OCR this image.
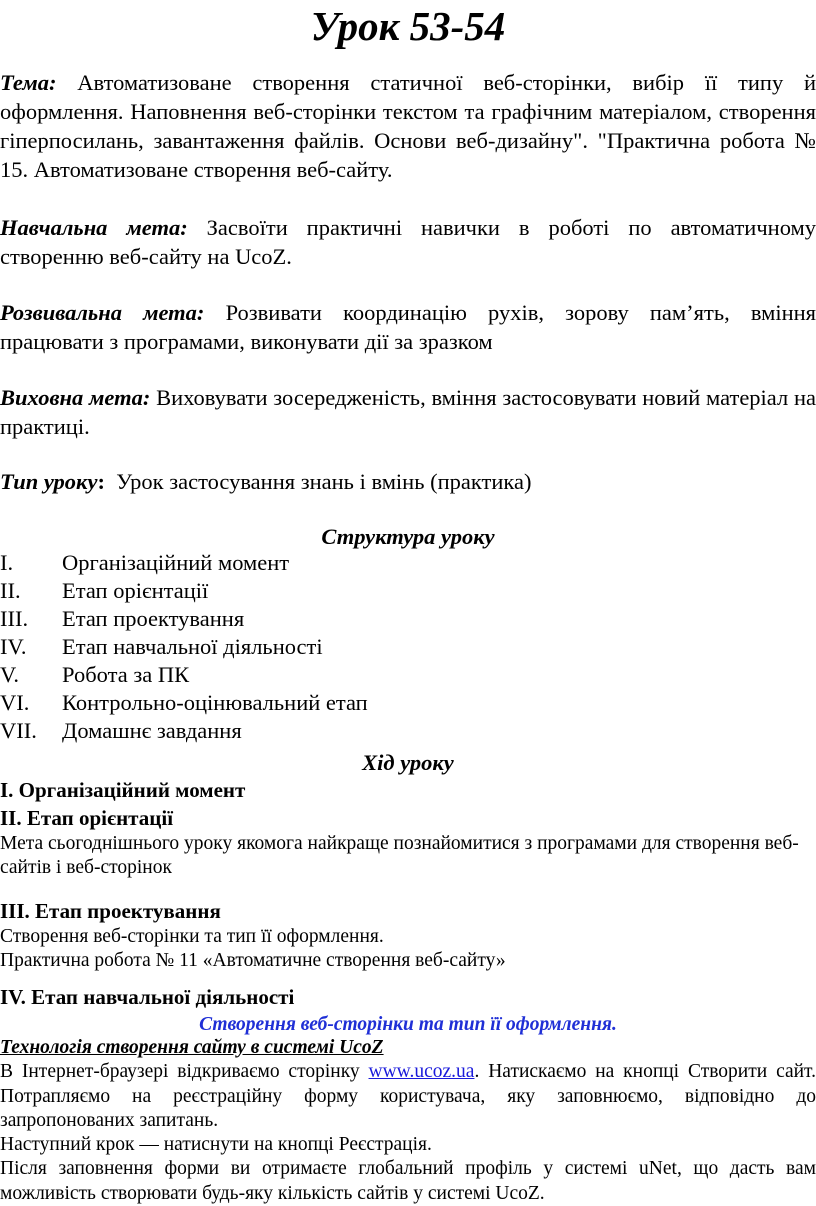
Урок 53-54
Тема: Автоматизоване створення статичної веб-сторінки, вибір її типу й оформлення. Наповнення веб-сторінки текстом та графічним матеріалом, створення гіперпосилань, завантаження файлів. Основи веб-дизайну". "Практична робота № 15. Автоматизоване створення веб-сайту.
Навчальна мета: Засвоїти практичні навички в роботі по автоматичному створенню веб-сайту на UcoZ.
Розвивальна мета: Розвивати координацію рухів, зорову пам’ять, вміння працювати з програмами, виконувати дії за зразком
Виховна мета: Виховувати зосередженість, вміння застосовувати новий матеріал на практиці.
Тип уроку: Урок застосування знань і вмінь (практика)
Структура уроку
I. Організаційний момент
II. Етап орієнтації
III. Етап проектування
IV. Етап навчальної діяльності
V. Робота за ПК
VI. Контрольно-оцінювальний етап
VII. Домашнє завдання
Хід уроку
І. Організаційний момент
ІІ. Етап орієнтації
Мета сьогоднішнього уроку якомога найкраще познайомитися з програмами для створення веб-сайтів і веб-сторінок
ІІІ. Етап проектування
Створення веб-сторінки та тип її оформлення.
Практична робота № 11 «Автоматичне створення веб-сайту»
IV. Етап навчальної діяльності
Створення веб-сторінки та тип її оформлення.
Технологія створення сайту в системі UcoZ
В Інтернет-браузері відкриваємо сторінку www.ucoz.ua. Натискаємо на кнопці Створити сайт. Потрапляємо на реєстраційну форму користувача, яку заповнюємо, відповідно до запропонованих запитань.
Наступний крок — натиснути на кнопці Реєстрація.
Після заповнення форми ви отримаєте глобальний профіль у системі uNet, що дасть вам можливість створювати будь-яку кількість сайтів у системі UcoZ.
